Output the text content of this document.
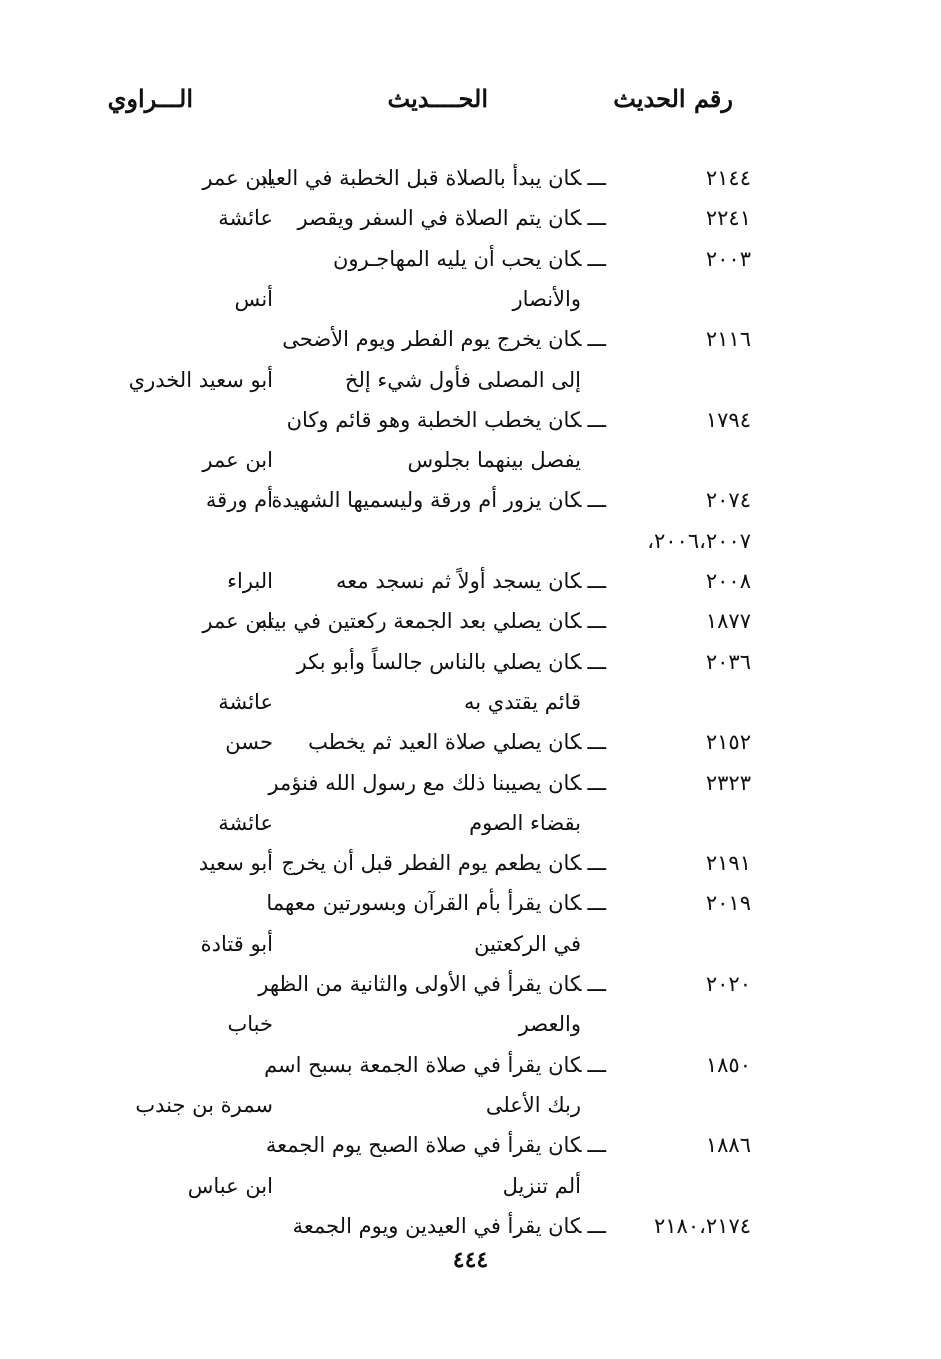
رقم الحديث
الحــــديث
الـــراوي
٢١٤٤
ـــكان يبدأ بالصلاة قبل الخطبة في العيد
ابن عمر
٢٢٤١
ـــكان يتم الصلاة في السفر ويقصر
عائشة
٢٠٠٣
ـــكان يحب أن يليه المهاجـرون
والأنصار
أنس
٢١١٦
ـــكان يخرج يوم الفطر ويوم الأضحى
إلى المصلى فأول شيء إلخ
أبو سعيد الخدري
١٧٩٤
ـــكان يخطب الخطبة وهو قائم وكان
يفصل بينهما بجلوس
ابن عمر
٢٠٧٤
ـــكان يزور أم ورقة وليسميها الشهيدة
أم ورقة
٢٠٠٦،٢٠٠٧،
٢٠٠٨
ـــكان يسجد أولاً ثم نسجد معه
البراء
١٨٧٧
ـــكان يصلي بعد الجمعة ركعتين في بيته
ابن عمر
٢٠٣٦
ـــكان يصلي بالناس جالساً وأبو بكر
قائم يقتدي به
عائشة
٢١٥٢
ـــكان يصلي صلاة العيد ثم يخطب
حسن
٢٣٢٣
ـــكان يصيبنا ذلك مع رسول الله فنؤمر
بقضاء الصوم
عائشة
٢١٩١
ـــكان يطعم يوم الفطر قبل أن يخرج
أبو سعيد
٢٠١٩
ـــكان يقرأ بأم القرآن وبسورتين معهما
في الركعتين
أبو قتادة
٢٠٢٠
ـــكان يقرأ في الأولى والثانية من الظهر
والعصر
خباب
١٨٥٠
ـــكان يقرأ في صلاة الجمعة بسبح اسم
ربك الأعلى
سمرة بن جندب
١٨٨٦
ـــكان يقرأ في صلاة الصبح يوم الجمعة
ألم تنزيل
ابن عباس
٢١٨٠،٢١٧٤
ـــكان يقرأ في العيدين ويوم الجمعة
٤٤٤
